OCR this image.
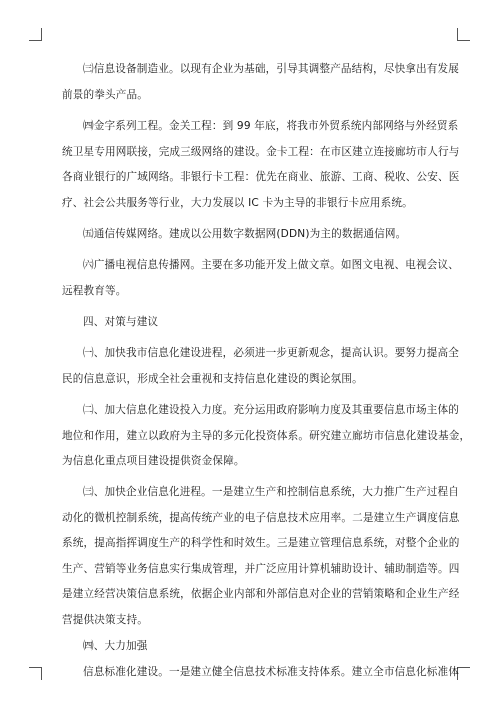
㈢信息设备制造业。以现有企业为基础，引导其调整产品结构，尽快拿出有发展
前景的拳头产品。
㈣金字系列工程。金关工程：到 99 年底，将我市外贸系统内部网络与外经贸系
统卫星专用网联接，完成三级网络的建设。金卡工程：在市区建立连接廊坊市人行与
各商业银行的广域网络。非银行卡工程：优先在商业、旅游、工商、税收、公安、医
疗、社会公共服务等行业，大力发展以 IC 卡为主导的非银行卡应用系统。
㈤通信传媒网络。建成以公用数字数据网(DDN)为主的数据通信网。
㈥广播电视信息传播网。主要在多功能开发上做文章。如图文电视、电视会议、
远程教育等。
四、对策与建议
㈠、加快我市信息化建设进程，必须进一步更新观念，提高认识。要努力提高全
民的信息意识，形成全社会重视和支持信息化建设的舆论氛围。
㈡、加大信息化建设投入力度。充分运用政府影响力度及其重要信息市场主体的
地位和作用，建立以政府为主导的多元化投资体系。研究建立廊坊市信息化建设基金，
为信息化重点项目建设提供资金保障。
㈢、加快企业信息化进程。一是建立生产和控制信息系统，大力推广生产过程自
动化的微机控制系统，提高传统产业的电子信息技术应用率。二是建立生产调度信息
系统，提高指挥调度生产的科学性和时效生。三是建立管理信息系统，对整个企业的
生产、营销等业务信息实行集成管理，并广泛应用计算机辅助设计、辅助制造等。四
是建立经营决策信息系统，依据企业内部和外部信息对企业的营销策略和企业生产经
营提供决策支持。
㈣、大力加强
信息标准化建设。一是建立健全信息技术标准支持体系。建立全市信息化标准体
